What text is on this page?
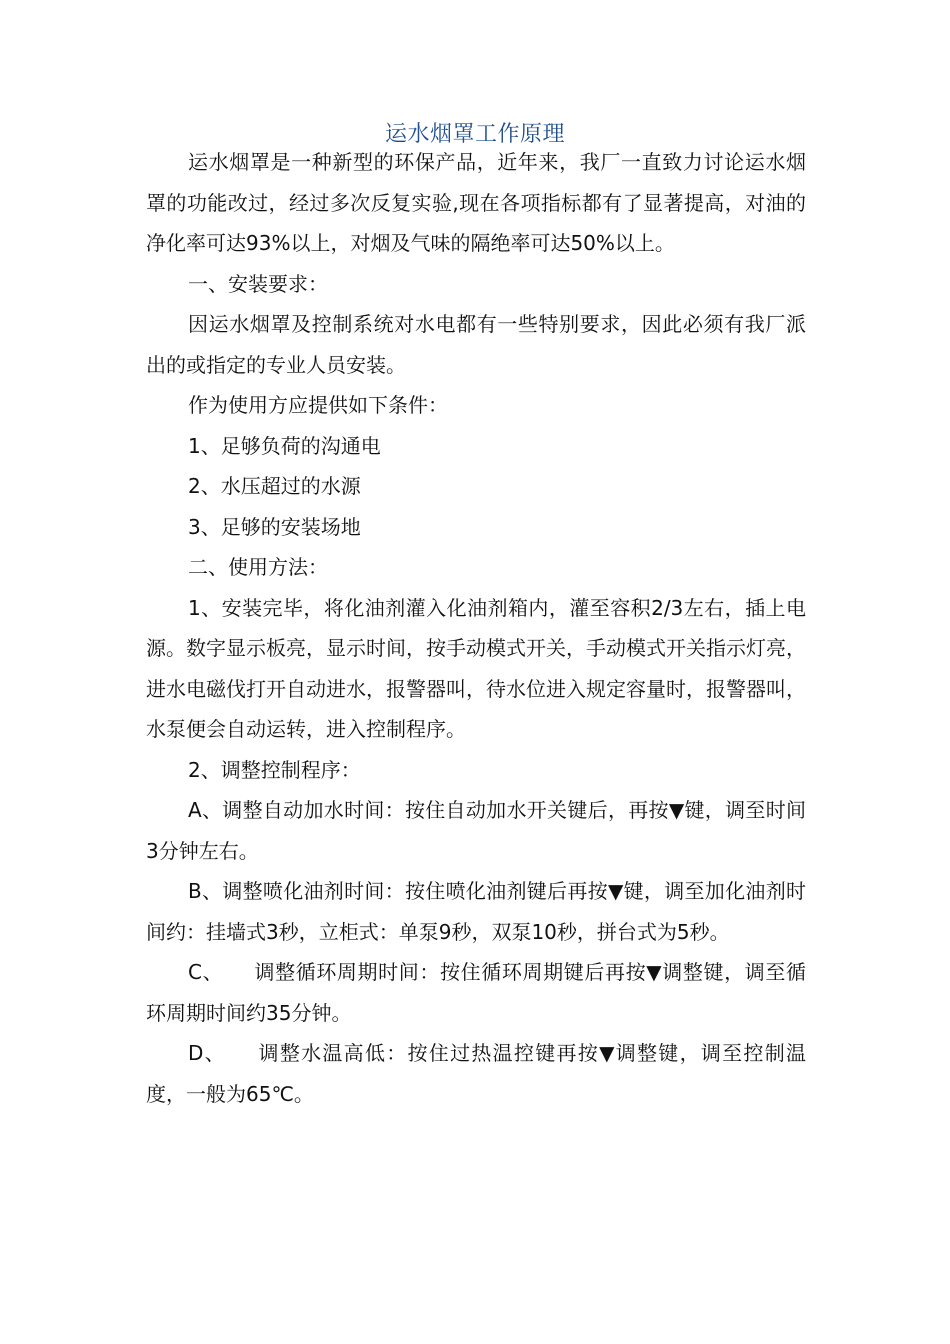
运水烟罩工作原理

运水烟罩是一种新型的环保产品，近年来，我厂一直致力讨论运水烟罩的功能改过，经过多次反复实验,现在各项指标都有了显著提高，对油的净化率可达93%以上，对烟及气味的隔绝率可达50%以上。

一、安装要求：

因运水烟罩及控制系统对水电都有一些特别要求，因此必须有我厂派出的或指定的专业人员安装。

作为使用方应提供如下条件：

1、足够负荷的沟通电

2、水压超过的水源

3、足够的安装场地

二、使用方法：

1、安装完毕，将化油剂灌入化油剂箱内，灌至容积2/3左右，插上电源。数字显示板亮，显示时间，按手动模式开关，手动模式开关指示灯亮，进水电磁伐打开自动进水，报警器叫，待水位进入规定容量时，报警器叫，水泵便会自动运转，进入控制程序。

2、调整控制程序：

A、调整自动加水时间：按住自动加水开关键后，再按▼键，调至时间3分钟左右。

B、调整喷化油剂时间：按住喷化油剂键后再按▼键，调至加化油剂时间约：挂墙式3秒，立柜式：单泵9秒，双泵10秒，拼台式为5秒。

C、　　调整循环周期时间：按住循环周期键后再按▼调整键，调至循环周期时间约35分钟。

D、　　调整水温高低：按住过热温控键再按▼调整键，调至控制温度，一般为65℃。
